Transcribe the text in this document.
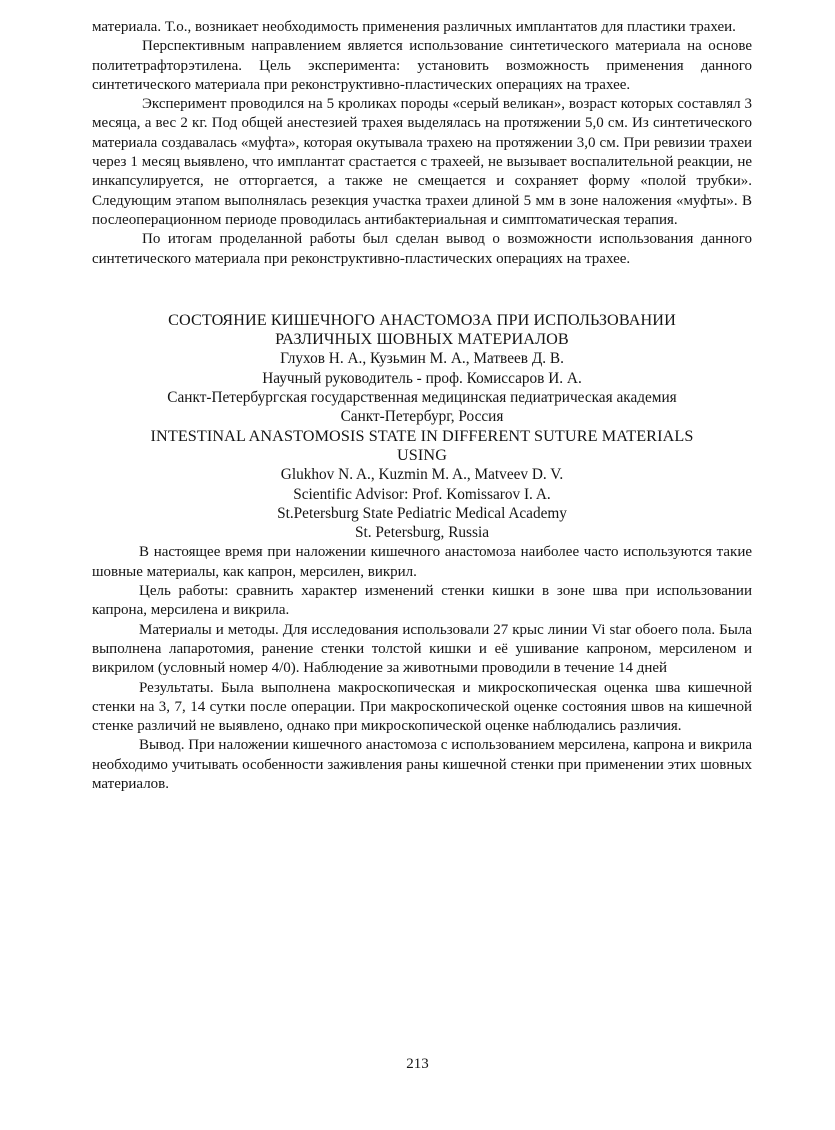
материала. Т.о., возникает необходимость применения различных имплантатов для пластики трахеи.

Перспективным направлением является использование синтетического материала на основе политетрафторэтилена. Цель эксперимента: установить возможность применения данного синтетического материала при реконструктивно-пластических операциях на трахее.

Эксперимент проводился на 5 кроликах породы «серый великан», возраст которых составлял 3 месяца, а вес 2 кг. Под общей анестезией трахея выделялась на протяжении 5,0 см. Из синтетического материала создавалась «муфта», которая окутывала трахею на протяжении 3,0 см. При ревизии трахеи через 1 месяц выявлено, что имплантат срастается с трахеей, не вызывает воспалительной реакции, не инкапсулируется, не отторгается, а также не смещается и сохраняет форму «полой трубки». Следующим этапом выполнялась резекция участка трахеи длиной 5 мм в зоне наложения «муфты». В послеоперационном периоде проводилась антибактериальная и симптоматическая терапия.

По итогам проделанной работы был сделан вывод о возможности использования данного синтетического материала при реконструктивно-пластических операциях на трахее.

СОСТОЯНИЕ КИШЕЧНОГО АНАСТОМОЗА ПРИ ИСПОЛЬЗОВАНИИ
РАЗЛИЧНЫХ ШОВНЫХ МАТЕРИАЛОВ
Глухов Н. А., Кузьмин М. А., Матвеев Д. В.
Научный руководитель - проф. Комиссаров И. А.
Санкт-Петербургская государственная медицинская педиатрическая академия
Санкт-Петербург, Россия
INTESTINAL ANASTOMOSIS STATE IN DIFFERENT SUTURE MATERIALS
USING
Glukhov N. A., Kuzmin M. A., Matveev D. V.
Scientific Advisor: Prof. Komissarov I. A.
St.Petersburg State Pediatric Medical Academy
St. Petersburg, Russia

В настоящее время при наложении кишечного анастомоза наиболее часто используются такие шовные материалы, как капрон, мерсилен, викрил.

Цель работы: сравнить характер изменений стенки кишки в зоне шва при использовании капрона, мерсилена и викрила.

Материалы и методы. Для исследования использовали 27 крыс линии Vi star обоего пола. Была выполнена лапаротомия, ранение стенки толстой кишки и её ушивание капроном, мерсиленом и викрилом (условный номер 4/0). Наблюдение за животными проводили в течение 14 дней

Результаты. Была выполнена макроскопическая и микроскопическая оценка шва кишечной стенки на 3, 7, 14 сутки после операции. При макроскопической оценке состояния швов на кишечной стенке различий не выявлено, однако при микроскопической оценке наблюдались различия.

Вывод. При наложении кишечного анастомоза с использованием мерсилена, капрона и викрила необходимо учитывать особенности заживления раны кишечной стенки при применении этих шовных материалов.

213
